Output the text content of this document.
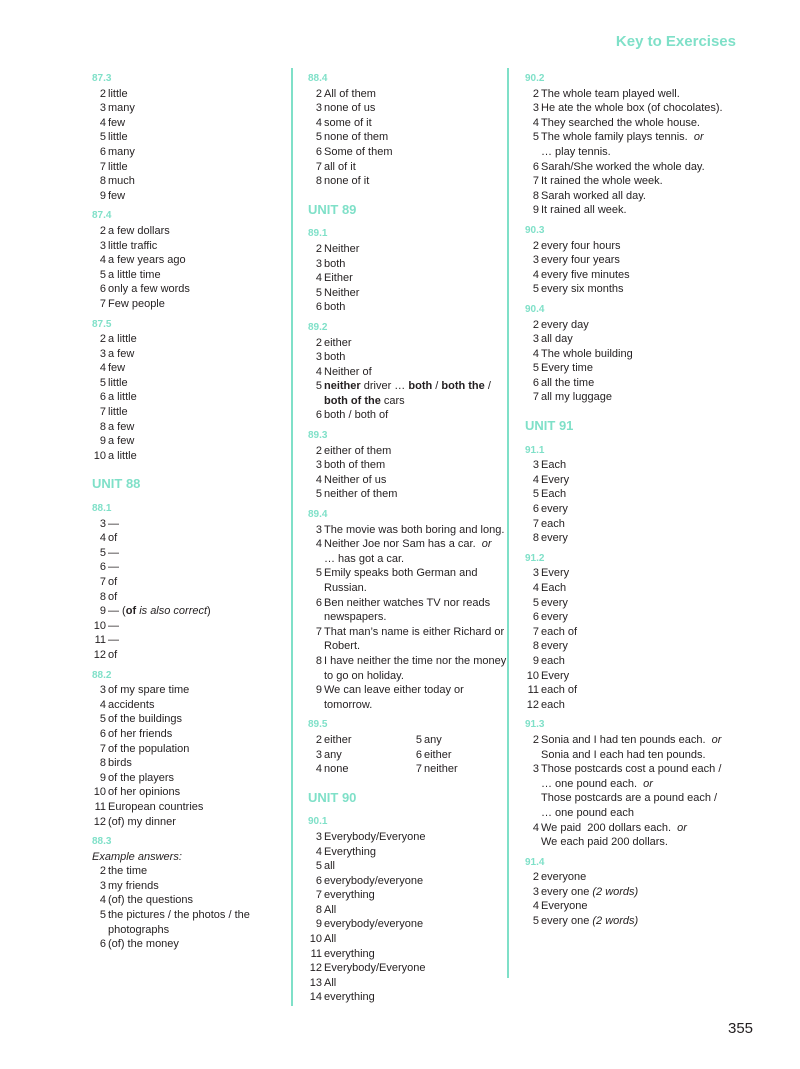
Key to Exercises
87.3
2 little
3 many
4 few
5 little
6 many
7 little
8 much
9 few
87.4
2 a few dollars
3 little traffic
4 a few years ago
5 a little time
6 only a few words
7 Few people
87.5
2 a little
3 a few
4 few
5 little
6 a little
7 little
8 a few
9 a few
10 a little
UNIT 88
88.1
3 —
4 of
5 —
6 —
7 of
8 of
9 — (of is also correct)
10 —
11 —
12 of
88.2
3 of my spare time
4 accidents
5 of the buildings
6 of her friends
7 of the population
8 birds
9 of the players
10 of her opinions
11 European countries
12 (of) my dinner
88.3
Example answers:
2 the time
3 my friends
4 (of) the questions
5 the pictures / the photos / the photographs
6 (of) the money
88.4
2 All of them
3 none of us
4 some of it
5 none of them
6 Some of them
7 all of it
8 none of it
UNIT 89
89.1
2 Neither
3 both
4 Either
5 Neither
6 both
89.2
2 either
3 both
4 Neither of
5 neither driver … both / both the / both of the cars
6 both / both of
89.3
2 either of them
3 both of them
4 Neither of us
5 neither of them
89.4
3 The movie was both boring and long.
4 Neither Joe nor Sam has a car.  or
… has got a car.
5 Emily speaks both German and Russian.
6 Ben neither watches TV nor reads newspapers.
7 That man’s name is either Richard or Robert.
8 I have neither the time nor the money to go on holiday.
9 We can leave either today or tomorrow.
89.5
2 either	5 any
3 any	6 either
4 none	7 neither
UNIT 90
90.1
3 Everybody/Everyone
4 Everything
5 all
6 everybody/everyone
7 everything
8 All
9 everybody/everyone
10 All
11 everything
12 Everybody/Everyone
13 All
14 everything
90.2
2 The whole team played well.
3 He ate the whole box (of chocolates).
4 They searched the whole house.
5 The whole family plays tennis.  or
… play tennis.
6 Sarah/She worked the whole day.
7 It rained the whole week.
8 Sarah worked all day.
9 It rained all week.
90.3
2 every four hours
3 every four years
4 every five minutes
5 every six months
90.4
2 every day
3 all day
4 The whole building
5 Every time
6 all the time
7 all my luggage
UNIT 91
91.1
3 Each
4 Every
5 Each
6 every
7 each
8 every
91.2
3 Every
4 Each
5 every
6 every
7 each of
8 every
9 each
10 Every
11 each of
12 each
91.3
2 Sonia and I had ten pounds each.  or
Sonia and I each had ten pounds.
3 Those postcards cost a pound each / … one pound each.  or
Those postcards are a pound each / … one pound each
4 We paid  200 dollars each.  or
We each paid 200 dollars.
91.4
2 everyone
3 every one (2 words)
4 Everyone
5 every one (2 words)
355
